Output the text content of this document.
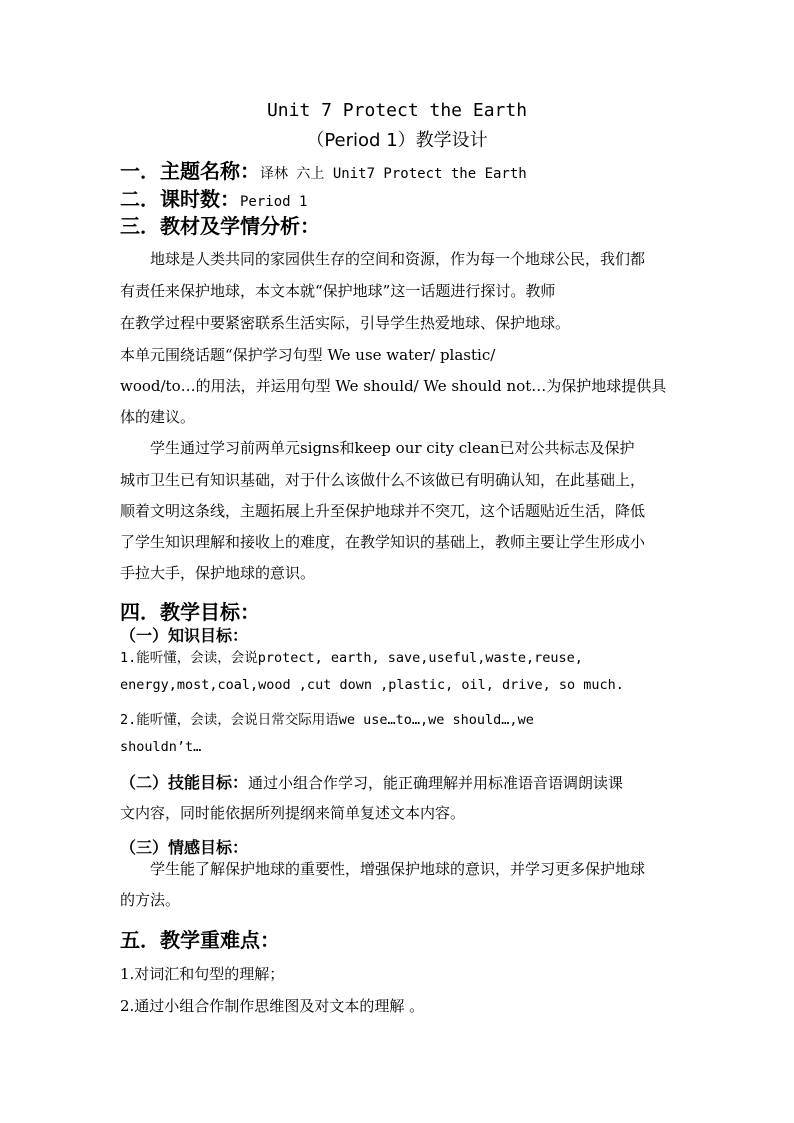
Unit 7 Protect the Earth
（Period 1）教学设计
一．主题名称：译林 六上 Unit7 Protect the Earth
二．课时数：Period 1
三．教材及学情分析：
地球是人类共同的家园供生存的空间和资源，作为每一个地球公民，我们都
有责任来保护地球，本文本就“保护地球”这一话题进行探讨。教师
在教学过程中要紧密联系生活实际，引导学生热爱地球、保护地球。
本单元围绕话题“保护学习句型 We use water/ plastic/
wood/to…的用法，并运用句型 We should/ We should not…为保护地球提供具
体的建议。
学生通过学习前两单元signs和keep our city clean已对公共标志及保护
城市卫生已有知识基础，对于什么该做什么不该做已有明确认知，在此基础上，
顺着文明这条线，主题拓展上升至保护地球并不突兀，这个话题贴近生活，降低
了学生知识理解和接收上的难度，在教学知识的基础上，教师主要让学生形成小
手拉大手，保护地球的意识。
四．教学目标：
（一）知识目标：
1.能听懂，会读，会说protect, earth, save,useful,waste,reuse,
energy,most,coal,wood ,cut down ,plastic, oil, drive, so much.
2.能听懂，会读，会说日常交际用语we use…to…,we should…,we
shouldn’t…
（二）技能目标：通过小组合作学习，能正确理解并用标准语音语调朗读课
文内容，同时能依据所列提纲来简单复述文本内容。
（三）情感目标：
学生能了解保护地球的重要性，增强保护地球的意识，并学习更多保护地球
的方法。
五．教学重难点：
1.对词汇和句型的理解；
2.通过小组合作制作思维图及对文本的理解 。
